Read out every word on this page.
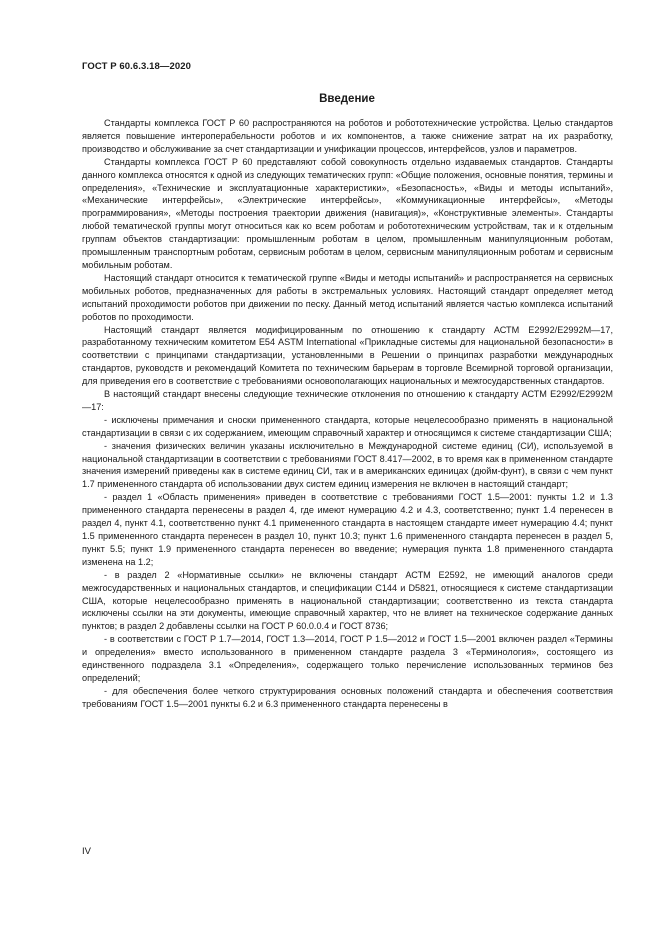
ГОСТ Р 60.6.3.18—2020
Введение

Стандарты комплекса ГОСТ Р 60 распространяются на роботов и робототехнические устройства. Целью стандартов является повышение интероперабельности роботов и их компонентов, а также снижение затрат на их разработку, производство и обслуживание за счет стандартизации и унификации процессов, интерфейсов, узлов и параметров.

Стандарты комплекса ГОСТ Р 60 представляют собой совокупность отдельно издаваемых стандартов. Стандарты данного комплекса относятся к одной из следующих тематических групп: «Общие положения, основные понятия, термины и определения», «Технические и эксплуатационные характеристики», «Безопасность», «Виды и методы испытаний», «Механические интерфейсы», «Электрические интерфейсы», «Коммуникационные интерфейсы», «Методы программирования», «Методы построения траектории движения (навигация)», «Конструктивные элементы». Стандарты любой тематической группы могут относиться как ко всем роботам и робототехническим устройствам, так и к отдельным группам объектов стандартизации: промышленным роботам в целом, промышленным манипуляционным роботам, промышленным транспортным роботам, сервисным роботам в целом, сервисным манипуляционным роботам и сервисным мобильным роботам.

Настоящий стандарт относится к тематической группе «Виды и методы испытаний» и распространяется на сервисных мобильных роботов, предназначенных для работы в экстремальных условиях. Настоящий стандарт определяет метод испытаний проходимости роботов при движении по песку. Данный метод испытаний является частью комплекса испытаний роботов по проходимости.

Настоящий стандарт является модифицированным по отношению к стандарту АСТМ Е2992/Е2992М—17, разработанному техническим комитетом Е54 ASTM International «Прикладные системы для национальной безопасности» в соответствии с принципами стандартизации, установленными в Решении о принципах разработки международных стандартов, руководств и рекомендаций Комитета по техническим барьерам в торговле Всемирной торговой организации, для приведения его в соответствие с требованиями основополагающих национальных и межгосударственных стандартов.

В настоящий стандарт внесены следующие технические отклонения по отношению к стандарту АСТМ Е2992/Е2992М—17:

- исключены примечания и сноски примененного стандарта, которые нецелесообразно применять в национальной стандартизации в связи с их содержанием, имеющим справочный характер и относящимся к системе стандартизации США;

- значения физических величин указаны исключительно в Международной системе единиц (СИ), используемой в национальной стандартизации в соответствии с требованиями ГОСТ 8.417—2002, в то время как в примененном стандарте значения измерений приведены как в системе единиц СИ, так и в американских единицах (дюйм-фунт), в связи с чем пункт 1.7 примененного стандарта об использовании двух систем единиц измерения не включен в настоящий стандарт;

- раздел 1 «Область применения» приведен в соответствие с требованиями ГОСТ 1.5—2001: пункты 1.2 и 1.3 примененного стандарта перенесены в раздел 4, где имеют нумерацию 4.2 и 4.3, соответственно; пункт 1.4 перенесен в раздел 4, пункт 4.1, соответственно пункт 4.1 примененного стандарта в настоящем стандарте имеет нумерацию 4.4; пункт 1.5 примененного стандарта перенесен в раздел 10, пункт 10.3; пункт 1.6 примененного стандарта перенесен в раздел 5, пункт 5.5; пункт 1.9 примененного стандарта перенесен во введение; нумерация пункта 1.8 примененного стандарта изменена на 1.2;

- в раздел 2 «Нормативные ссылки» не включены стандарт АСТМ Е2592, не имеющий аналогов среди межгосударственных и национальных стандартов, и спецификации С144 и D5821, относящиеся к системе стандартизации США, которые нецелесообразно применять в национальной стандартизации; соответственно из текста стандарта исключены ссылки на эти документы, имеющие справочный характер, что не влияет на техническое содержание данных пунктов; в раздел 2 добавлены ссылки на ГОСТ Р 60.0.0.4 и ГОСТ 8736;

- в соответствии с ГОСТ Р 1.7—2014, ГОСТ 1.3—2014, ГОСТ Р 1.5—2012 и ГОСТ 1.5—2001 включен раздел «Термины и определения» вместо использованного в примененном стандарте раздела 3 «Терминология», состоящего из единственного подраздела 3.1 «Определения», содержащего только перечисление использованных терминов без определений;

- для обеспечения более четкого структурирования основных положений стандарта и обеспечения соответствия требованиям ГОСТ 1.5—2001 пункты 6.2 и 6.3 примененного стандарта перенесены в

IV
